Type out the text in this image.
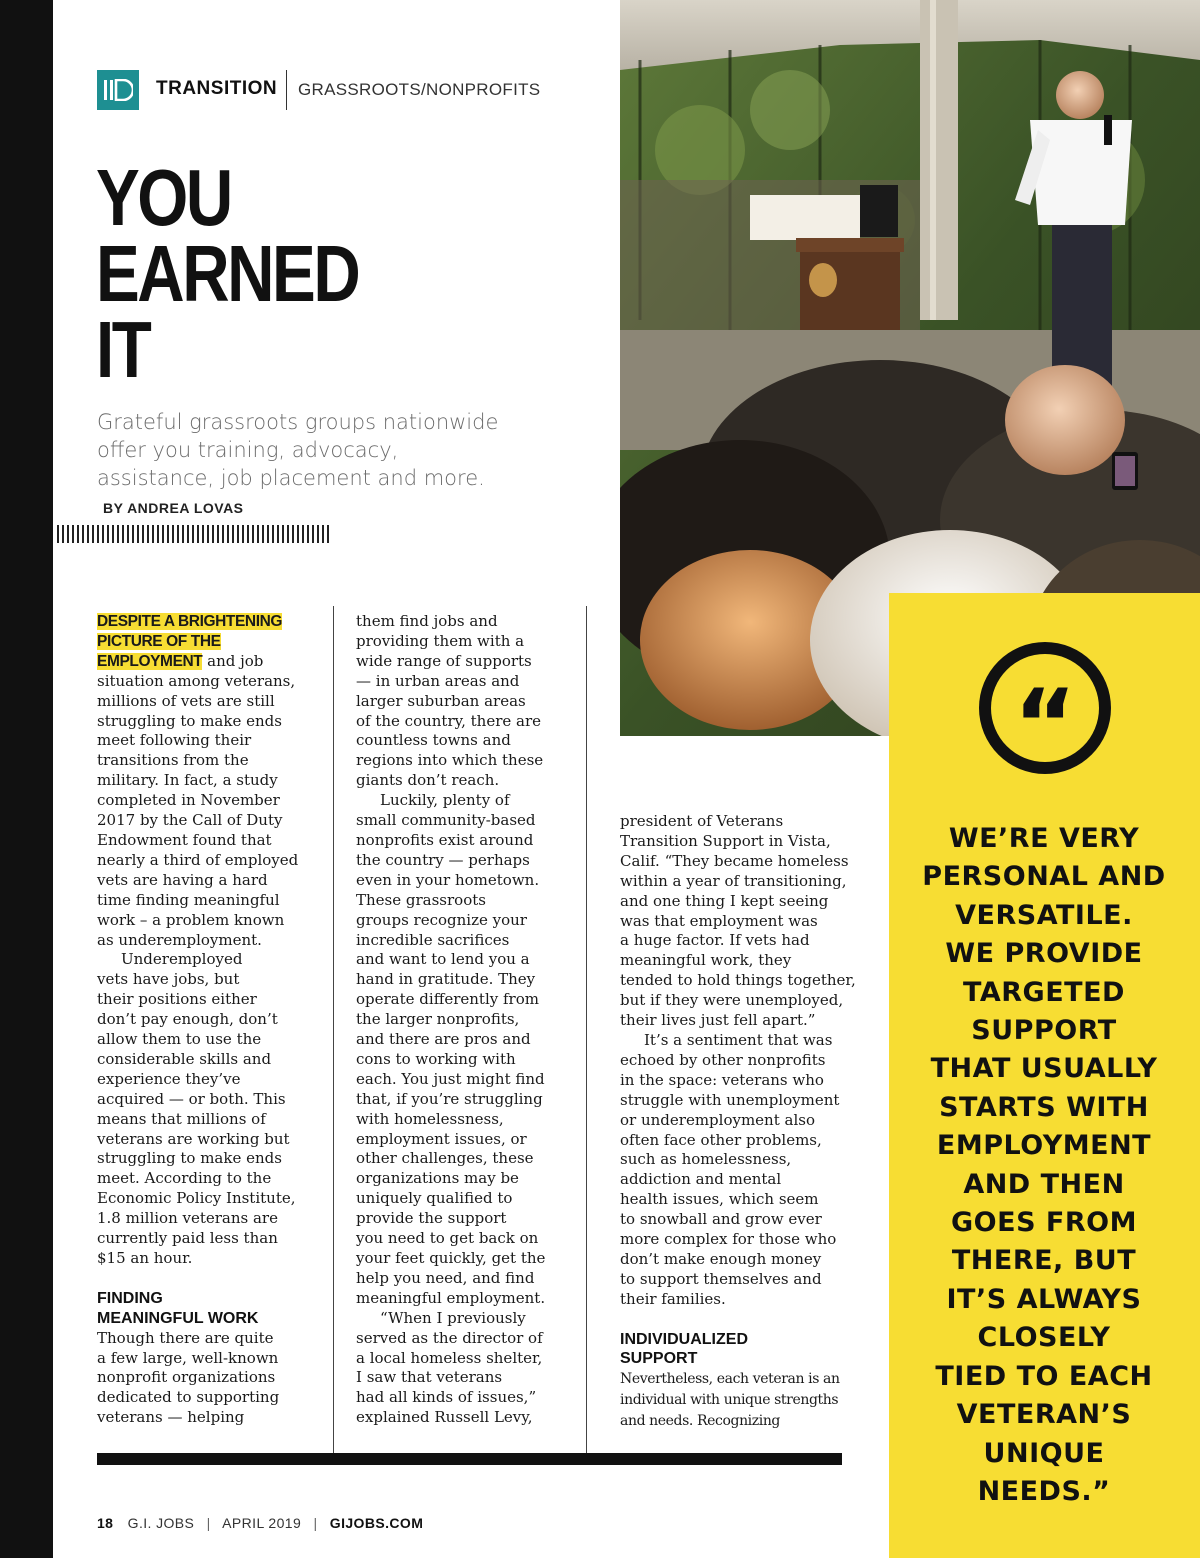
TRANSITION GRASSROOTS/NONPROFITS
YOU
EARNED
IT
Grateful grassroots groups nationwide offer you training, advocacy, assistance, job placement and more. BY ANDREA LOVAS
“
WE’RE VERY
PERSONAL AND
VERSATILE.
WE PROVIDE
TARGETED
SUPPORT
THAT USUALLY
STARTS WITH
EMPLOYMENT
AND THEN
GOES FROM
THERE, BUT
IT’S ALWAYS
CLOSELY
TIED TO EACH
VETERAN’S
UNIQUE
NEEDS.”
DESPITE A BRIGHTENING
PICTURE OF THE
EMPLOYMENT and job
situation among veterans,
millions of vets are still
struggling to make ends
meet following their
transitions from the
military. In fact, a study
completed in November
2017 by the Call of Duty
Endowment found that
nearly a third of employed
vets are having a hard
time finding meaningful
work – a problem known
as underemployment.
Underemployed
vets have jobs, but
their positions either
don’t pay enough, don’t
allow them to use the
considerable skills and
experience they’ve
acquired — or both. This
means that millions of
veterans are working but
struggling to make ends
meet. According to the
Economic Policy Institute,
1.8 million veterans are
currently paid less than
$15 an hour.
FINDING
MEANINGFUL WORK
Though there are quite
a few large, well-known
nonprofit organizations
dedicated to supporting
veterans — helping
them find jobs and
providing them with a
wide range of supports
— in urban areas and
larger suburban areas
of the country, there are
countless towns and
regions into which these
giants don’t reach.
Luckily, plenty of
small community-based
nonprofits exist around
the country — perhaps
even in your hometown.
These grassroots
groups recognize your
incredible sacrifices
and want to lend you a
hand in gratitude. They
operate differently from
the larger nonprofits,
and there are pros and
cons to working with
each. You just might find
that, if you’re struggling
with homelessness,
employment issues, or
other challenges, these
organizations may be
uniquely qualified to
provide the support
you need to get back on
your feet quickly, get the
help you need, and find
meaningful employment.
“When I previously
served as the director of
a local homeless shelter,
I saw that veterans
had all kinds of issues,”
explained Russell Levy,
president of Veterans
Transition Support in Vista,
Calif. “They became homeless
within a year of transitioning,
and one thing I kept seeing
was that employment was
a huge factor. If vets had
meaningful work, they
tended to hold things together,
but if they were unemployed,
their lives just fell apart.”
It’s a sentiment that was
echoed by other nonprofits
in the space: veterans who
struggle with unemployment
or underemployment also
often face other problems,
such as homelessness,
addiction and mental
health issues, which seem
to snowball and grow ever
more complex for those who
don’t make enough money
to support themselves and
their families.
INDIVIDUALIZED
SUPPORT
Nevertheless, each veteran is an
individual with unique strengths
and needs. Recognizing
18 G.I. JOBS | APRIL 2019 | GIJOBS.COM
